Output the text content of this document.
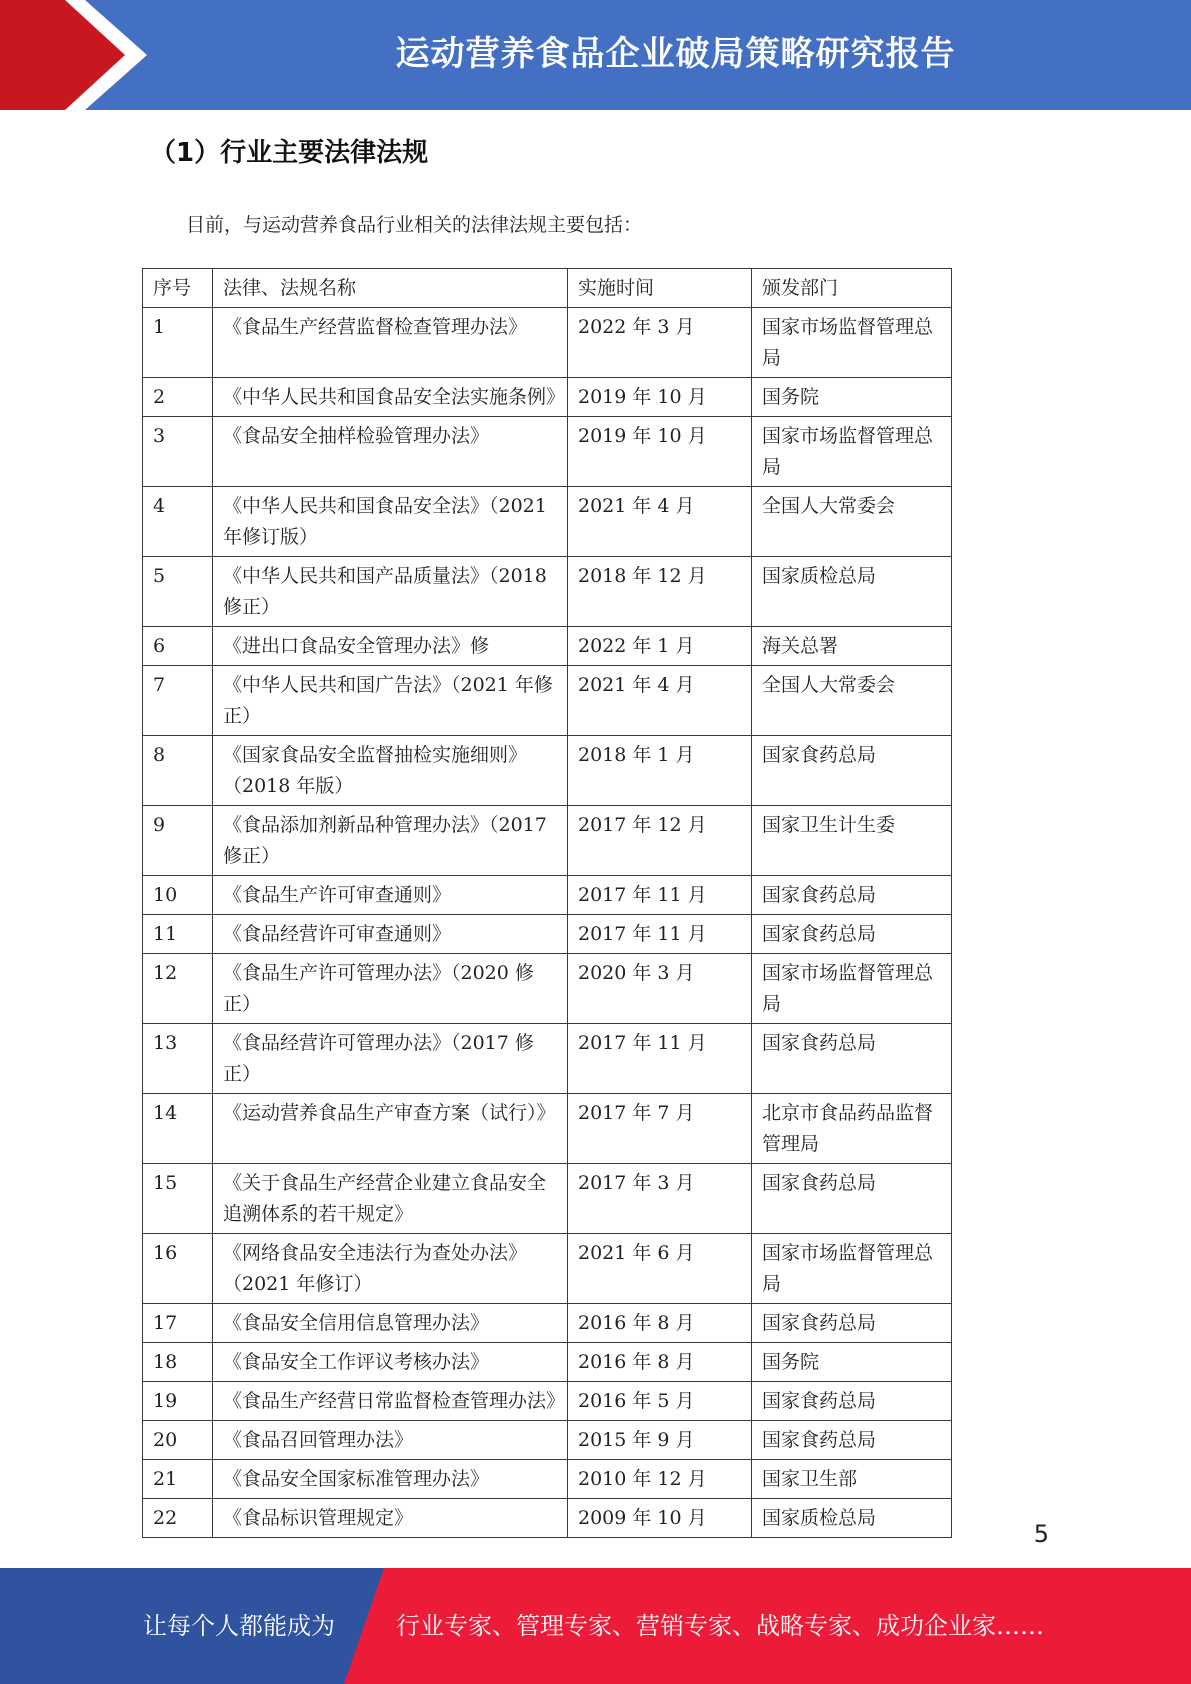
运动营养食品企业破局策略研究报告
（1）行业主要法律法规
目前，与运动营养食品行业相关的法律法规主要包括：
序号	法律、法规名称	实施时间	颁发部门
1	《食品生产经营监督检查管理办法》	2022 年 3 月	国家市场监督管理总局
2	《中华人民共和国食品安全法实施条例》	2019 年 10 月	国务院
3	《食品安全抽样检验管理办法》	2019 年 10 月	国家市场监督管理总局
4	《中华人民共和国食品安全法》（2021 年修订版）	2021 年 4 月	全国人大常委会
5	《中华人民共和国产品质量法》（2018 修正）	2018 年 12 月	国家质检总局
6	《进出口食品安全管理办法》修	2022 年 1 月	海关总署
7	《中华人民共和国广告法》（2021 年修正）	2021 年 4 月	全国人大常委会
8	《国家食品安全监督抽检实施细则》 （2018 年版）	2018 年 1 月	国家食药总局
9	《食品添加剂新品种管理办法》（2017 修正）	2017 年 12 月	国家卫生计生委
10	《食品生产许可审查通则》	2017 年 11 月	国家食药总局
11	《食品经营许可审查通则》	2017 年 11 月	国家食药总局
12	《食品生产许可管理办法》（2020 修正）	2020 年 3 月	国家市场监督管理总局
13	《食品经营许可管理办法》（2017 修正）	2017 年 11 月	国家食药总局
14	《运动营养食品生产审查方案（试行）》	2017 年 7 月	北京市食品药品监督管理局
15	《关于食品生产经营企业建立食品安全追溯体系的若干规定》	2017 年 3 月	国家食药总局
16	《网络食品安全违法行为查处办法》 （2021 年修订）	2021 年 6 月	国家市场监督管理总局
17	《食品安全信用信息管理办法》	2016 年 8 月	国家食药总局
18	《食品安全工作评议考核办法》	2016 年 8 月	国务院
19	《食品生产经营日常监督检查管理办法》	2016 年 5 月	国家食药总局
20	《食品召回管理办法》	2015 年 9 月	国家食药总局
21	《食品安全国家标准管理办法》	2010 年 12 月	国家卫生部
22	《食品标识管理规定》	2009 年 10 月	国家质检总局
5
让每个人都能成为	行业专家、管理专家、营销专家、战略专家、成功企业家……
